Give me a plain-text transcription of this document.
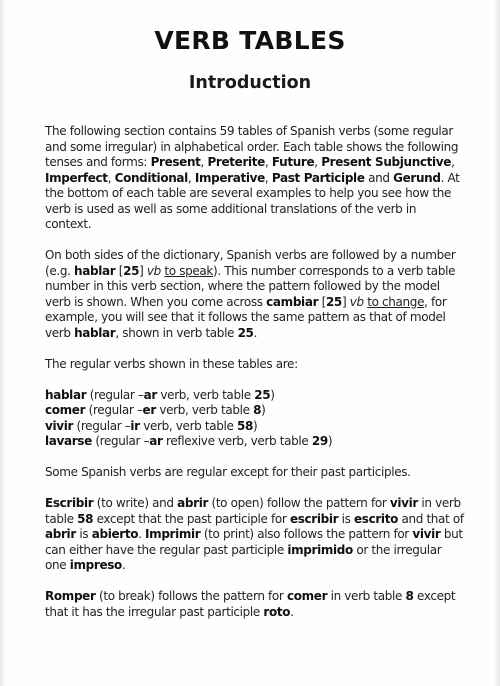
VERB TABLES
Introduction

The following section contains 59 tables of Spanish verbs (some regular and some irregular) in alphabetical order. Each table shows the following tenses and forms: Present, Preterite, Future, Present Subjunctive, Imperfect, Conditional, Imperative, Past Participle and Gerund. At the bottom of each table are several examples to help you see how the verb is used as well as some additional translations of the verb in context.

On both sides of the dictionary, Spanish verbs are followed by a number (e.g. hablar [25] vb to speak). This number corresponds to a verb table number in this verb section, where the pattern followed by the model verb is shown. When you come across cambiar [25] vb to change, for example, you will see that it follows the same pattern as that of model verb hablar, shown in verb table 25.

The regular verbs shown in these tables are:

hablar (regular –ar verb, verb table 25)

comer (regular –er verb, verb table 8)

vivir (regular –ir verb, verb table 58)

lavarse (regular –ar reflexive verb, verb table 29)

Some Spanish verbs are regular except for their past participles.

Escribir (to write) and abrir (to open) follow the pattern for vivir in verb table 58 except that the past participle for escribir is escrito and that of abrir is abierto. Imprimir (to print) also follows the pattern for vivir but can either have the regular past participle imprimido or the irregular one impreso.

Romper (to break) follows the pattern for comer in verb table 8 except that it has the irregular past participle roto.
